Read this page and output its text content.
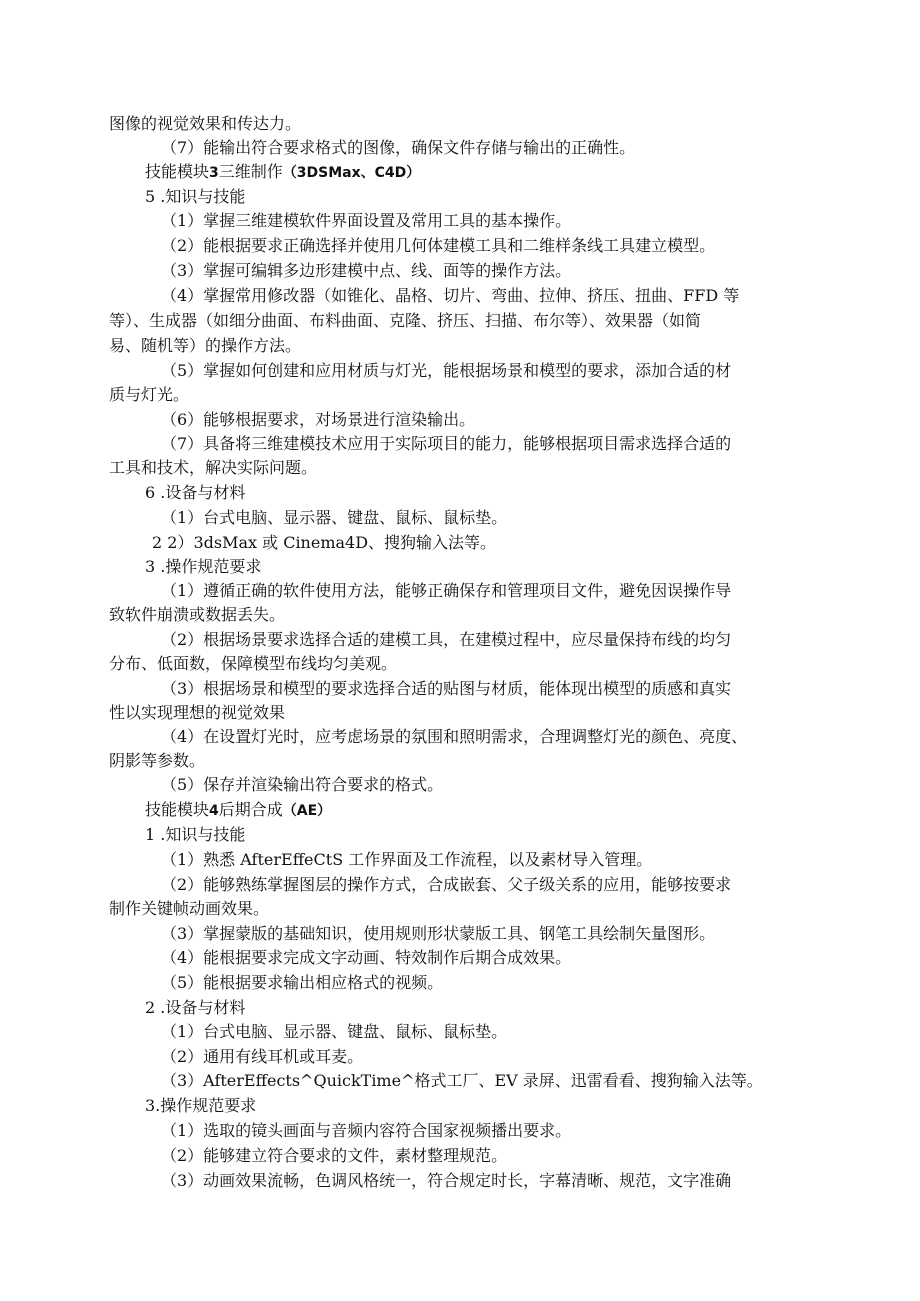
图像的视觉效果和传达力。
（7）能输出符合要求格式的图像，确保文件存储与输出的正确性。
技能模块3三维制作（3DSMax、C4D）
5 .知识与技能
（1）掌握三维建模软件界面设置及常用工具的基本操作。
（2）能根据要求正确选择并使用几何体建模工具和二维样条线工具建立模型。
（3）掌握可编辑多边形建模中点、线、面等的操作方法。
（4）掌握常用修改器（如锥化、晶格、切片、弯曲、拉伸、挤压、扭曲、FFD 等
等）、生成器（如细分曲面、布料曲面、克隆、挤压、扫描、布尔等）、效果器（如简
易、随机等）的操作方法。
（5）掌握如何创建和应用材质与灯光，能根据场景和模型的要求，添加合适的材
质与灯光。
（6）能够根据要求，对场景进行渲染输出。
（7）具备将三维建模技术应用于实际项目的能力，能够根据项目需求选择合适的
工具和技术，解决实际问题。
6 .设备与材料
（1）台式电脑、显示器、键盘、鼠标、鼠标垫。
2 2）3dsMax 或 Cinema4D、搜狗输入法等。
3 .操作规范要求
（1）遵循正确的软件使用方法，能够正确保存和管理项目文件，避免因误操作导
致软件崩溃或数据丢失。
（2）根据场景要求选择合适的建模工具，在建模过程中，应尽量保持布线的均匀
分布、低面数，保障模型布线均匀美观。
（3）根据场景和模型的要求选择合适的贴图与材质，能体现出模型的质感和真实
性以实现理想的视觉效果
（4）在设置灯光时，应考虑场景的氛围和照明需求，合理调整灯光的颜色、亮度、
阴影等参数。
（5）保存并渲染输出符合要求的格式。
技能模块4后期合成（AE）
1 .知识与技能
（1）熟悉 AfterEffeCtS 工作界面及工作流程，以及素材导入管理。
（2）能够熟练掌握图层的操作方式，合成嵌套、父子级关系的应用，能够按要求
制作关键帧动画效果。
（3）掌握蒙版的基础知识，使用规则形状蒙版工具、钢笔工具绘制矢量图形。
（4）能根据要求完成文字动画、特效制作后期合成效果。
（5）能根据要求输出相应格式的视频。
2 .设备与材料
（1）台式电脑、显示器、键盘、鼠标、鼠标垫。
（2）通用有线耳机或耳麦。
（3）AfterEffects^QuickTime^格式工厂、EV 录屏、迅雷看看、搜狗输入法等。
3.操作规范要求
（1）选取的镜头画面与音频内容符合国家视频播出要求。
（2）能够建立符合要求的文件，素材整理规范。
（3）动画效果流畅，色调风格统一，符合规定时长，字幕清晰、规范，文字准确
